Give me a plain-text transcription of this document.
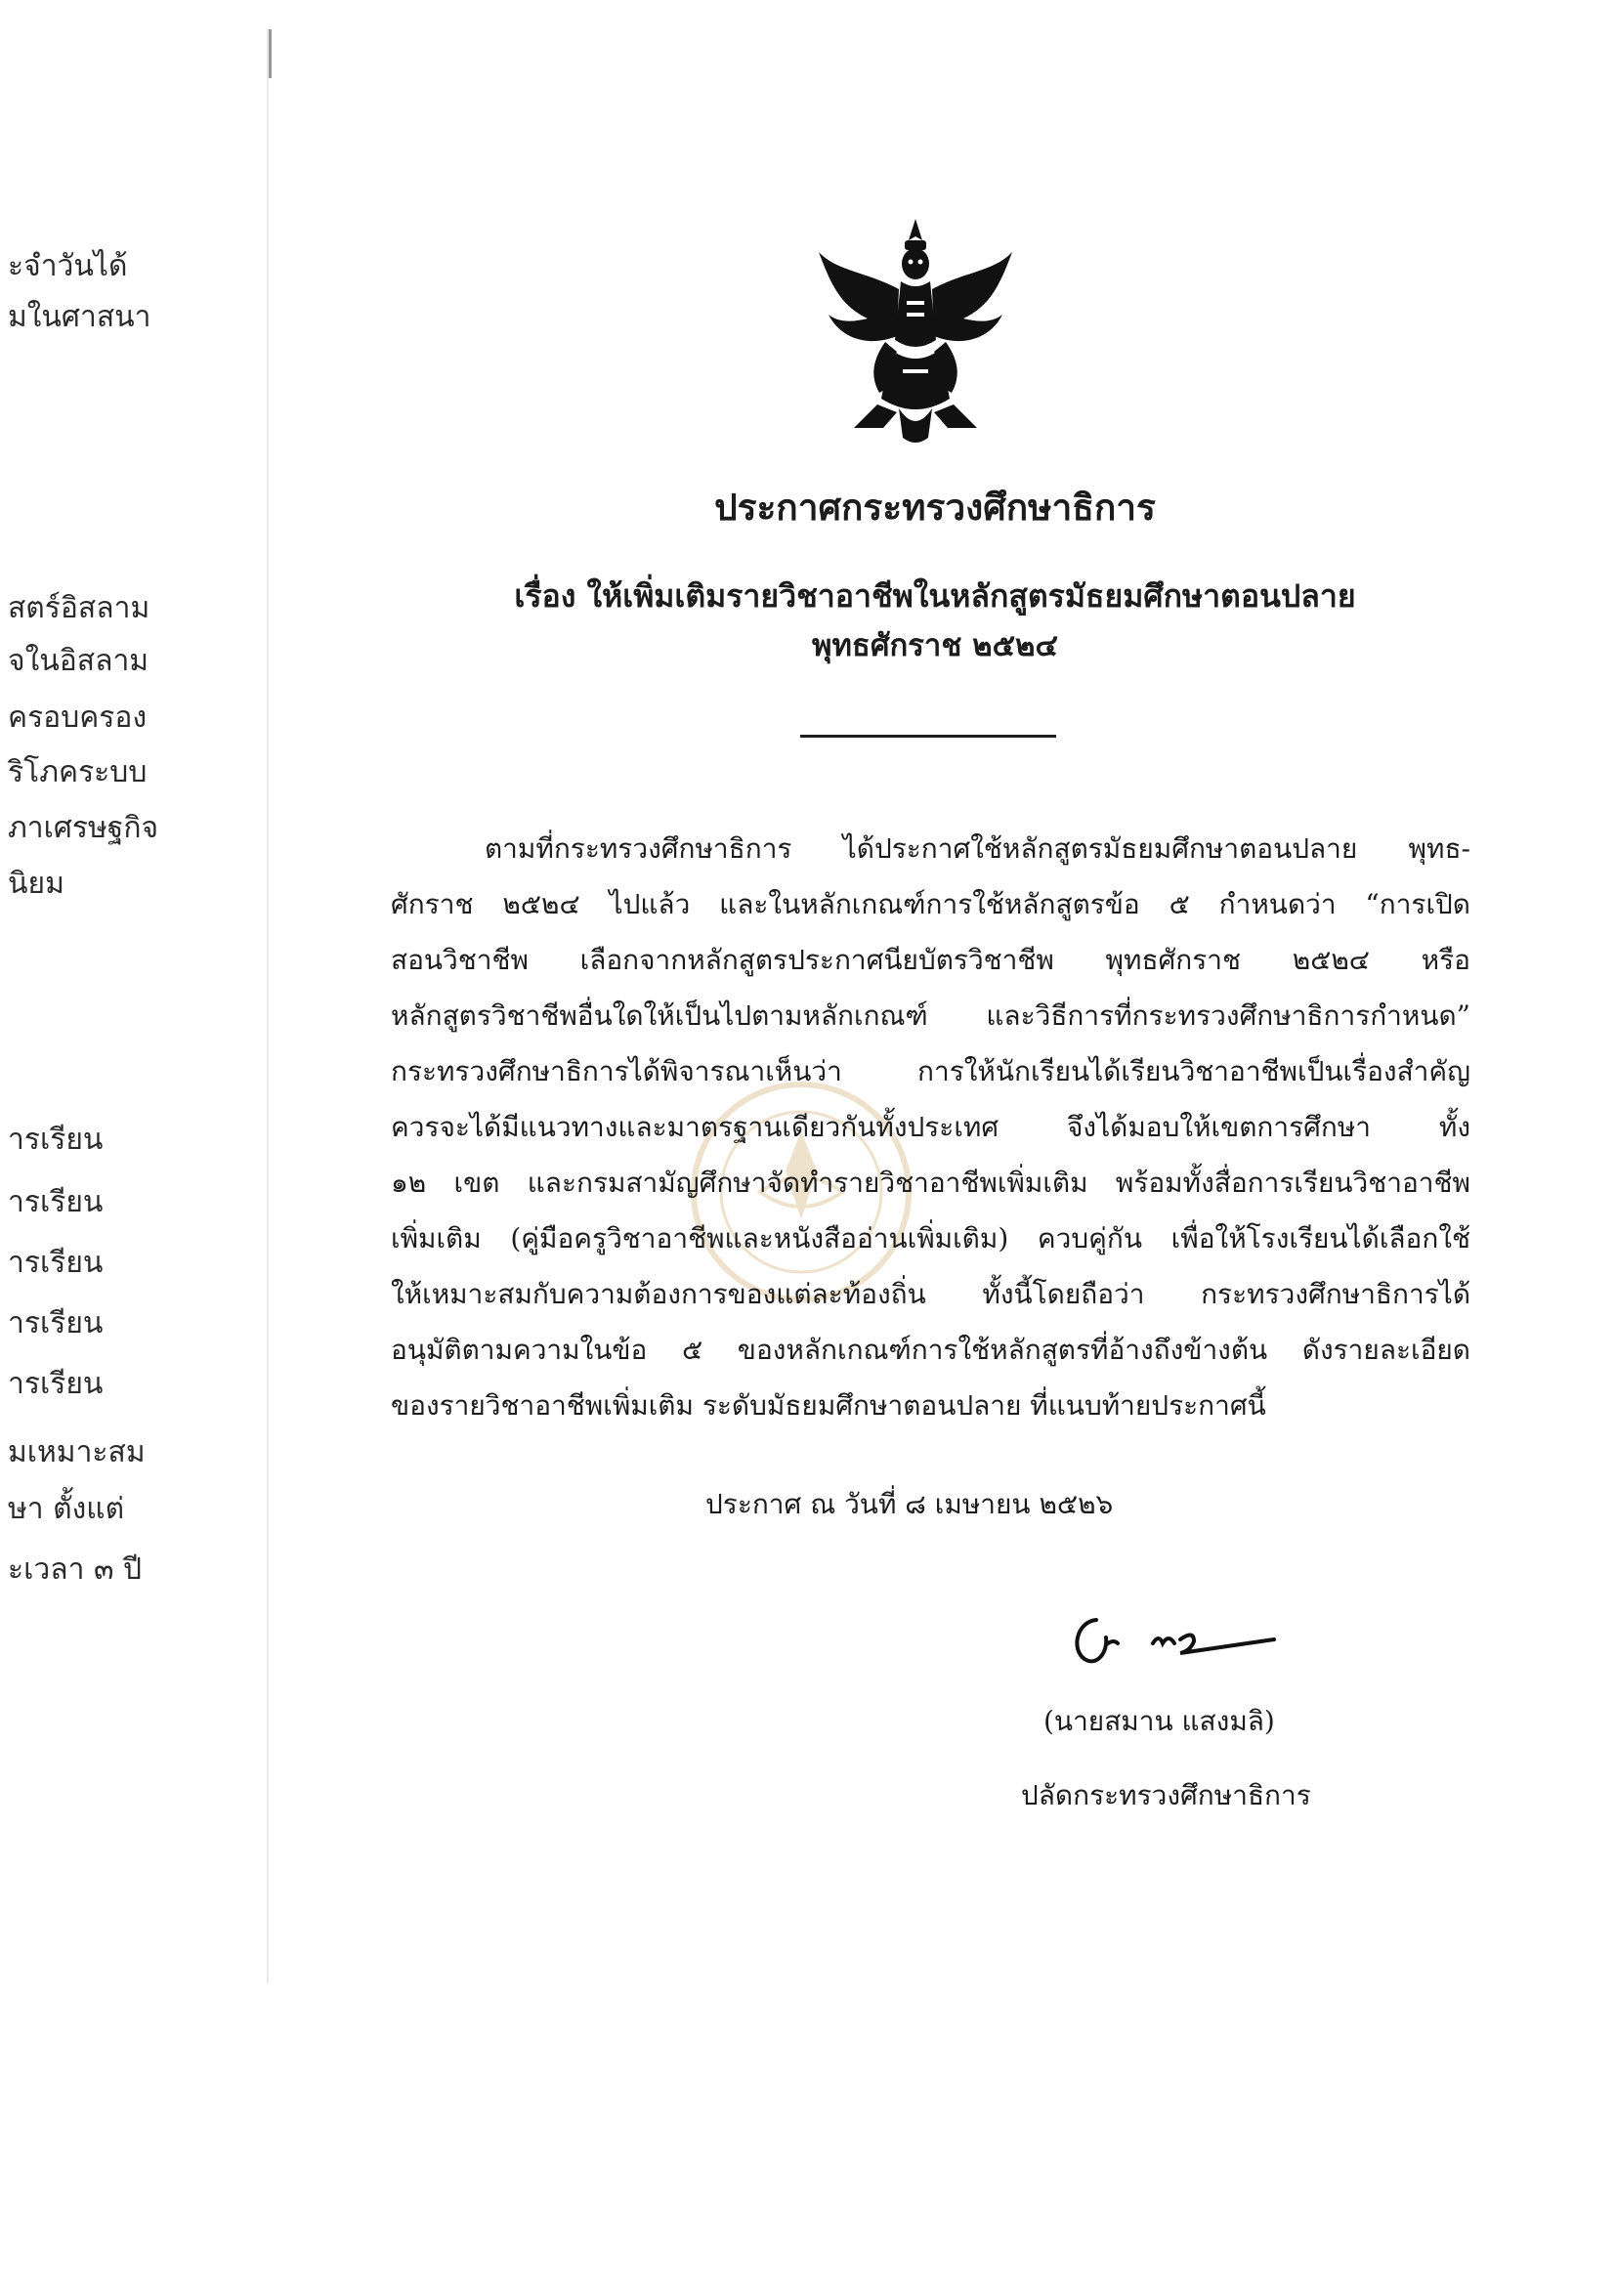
ะจำวันได้
มในศาสนา
สตร์อิสลาม
จในอิสลาม
ครอบครอง
ริโภคระบบ
ภาเศรษฐกิจ
นิยม
ารเรียน
ารเรียน
ารเรียน
ารเรียน
ารเรียน
มเหมาะสม
ษา ตั้งแต่
ะเวลา ๓ ปี
ประกาศกระทรวงศึกษาธิการ
เรื่อง ให้เพิ่มเติมรายวิชาอาชีพในหลักสูตรมัธยมศึกษาตอนปลาย
พุทธศักราช ๒๕๒๔
ตามที่กระทรวงศึกษาธิการ ได้ประกาศใช้หลักสูตรมัธยมศึกษาตอนปลาย พุทธ-
ศักราช ๒๕๒๔ ไปแล้ว และในหลักเกณฑ์การใช้หลักสูตรข้อ ๕ กำหนดว่า “การเปิด
สอนวิชาชีพ เลือกจากหลักสูตรประกาศนียบัตรวิชาชีพ พุทธศักราช ๒๕๒๔ หรือ
หลักสูตรวิชาชีพอื่นใดให้เป็นไปตามหลักเกณฑ์ และวิธีการที่กระทรวงศึกษาธิการกำหนด”
กระทรวงศึกษาธิการได้พิจารณาเห็นว่า การให้นักเรียนได้เรียนวิชาอาชีพเป็นเรื่องสำคัญ
ควรจะได้มีแนวทางและมาตรฐานเดียวกันทั้งประเทศ จึงได้มอบให้เขตการศึกษา ทั้ง
๑๒ เขต และกรมสามัญศึกษาจัดทำรายวิชาอาชีพเพิ่มเติม พร้อมทั้งสื่อการเรียนวิชาอาชีพ
เพิ่มเติม (คู่มือครูวิชาอาชีพและหนังสืออ่านเพิ่มเติม) ควบคู่กัน เพื่อให้โรงเรียนได้เลือกใช้
ให้เหมาะสมกับความต้องการของแต่ละท้องถิ่น ทั้งนี้โดยถือว่า กระทรวงศึกษาธิการได้
อนุมัติตามความในข้อ ๕ ของหลักเกณฑ์การใช้หลักสูตรที่อ้างถึงข้างต้น ดังรายละเอียด
ของรายวิชาอาชีพเพิ่มเติม ระดับมัธยมศึกษาตอนปลาย ที่แนบท้ายประกาศนี้
ประกาศ ณ วันที่ ๘ เมษายน ๒๕๒๖
(นายสมาน แสงมลิ)
ปลัดกระทรวงศึกษาธิการ
